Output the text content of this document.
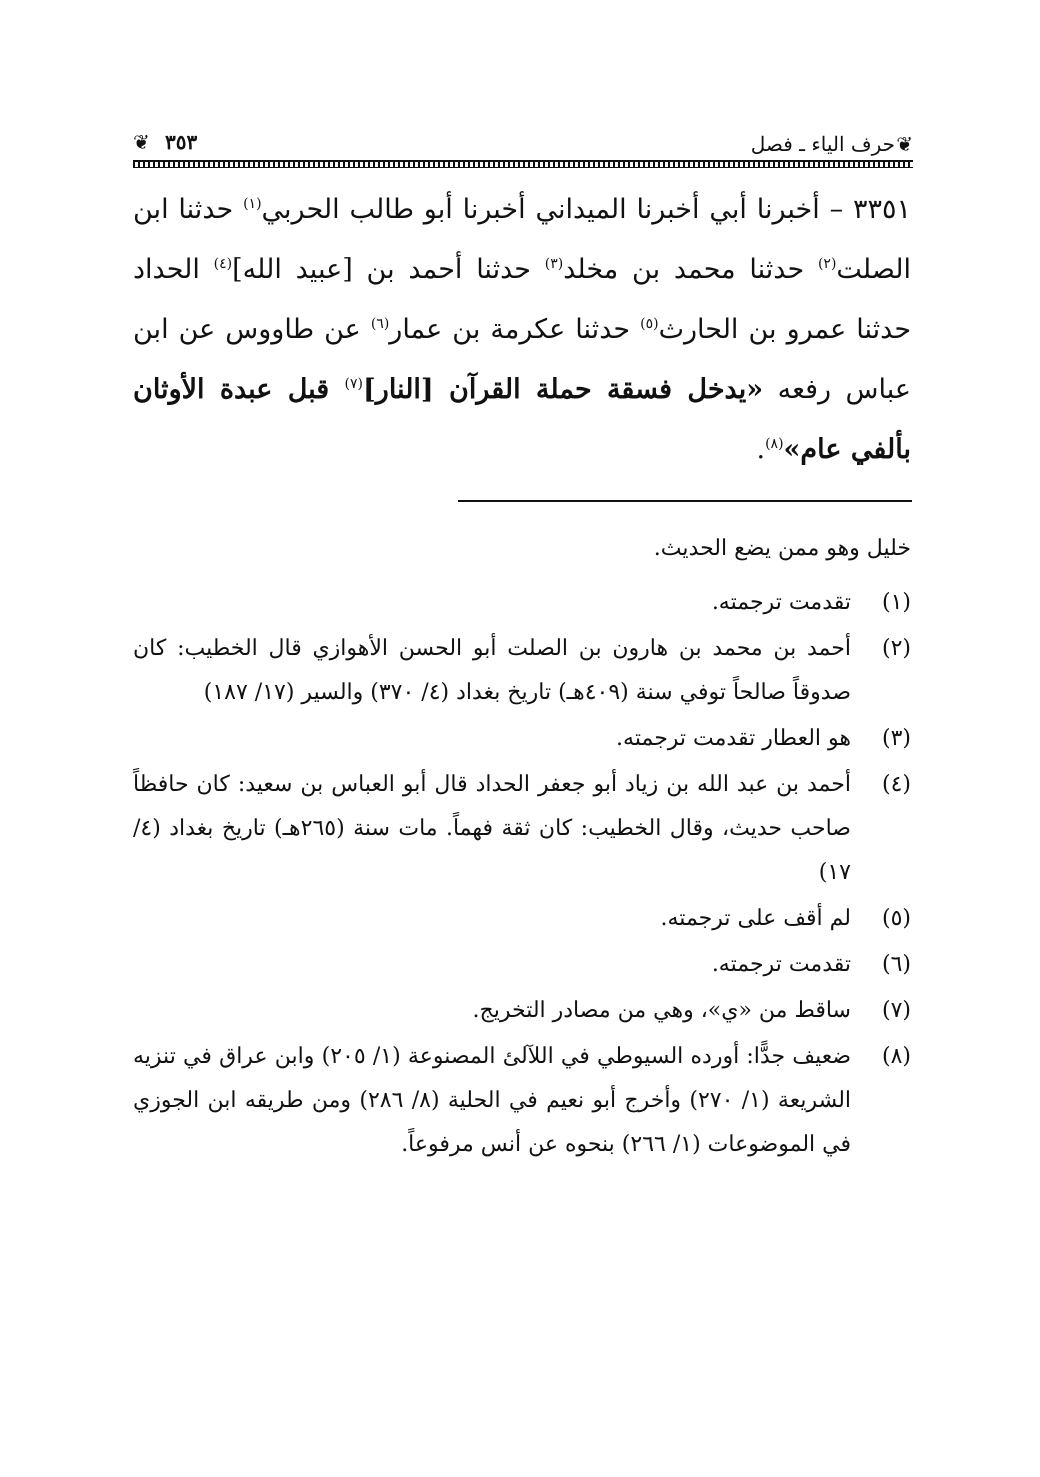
❦
حرف الياء ـ فصل
٣٥٣
❦

٣٣٥١ – أخبرنا أبي أخبرنا الميداني أخبرنا أبو طالب الحربي$^{(١)}$ حدثنا ابن الصلت$^{(٢)}$ حدثنا محمد بن مخلد$^{(٣)}$ حدثنا أحمد بن [عبيد الله]$^{(٤)}$ الحداد حدثنا عمرو بن الحارث$^{(٥)}$ حدثنا عكرمة بن عمار$^{(٦)}$ عن طاووس عن ابن عباس رفعه «يدخل فسقة حملة القرآن [النار]$^{(٧)}$ قبل عبدة الأوثان بألفي عام»$^{(٨)}$.

خليل وهو ممن يضع الحديث.

(١)
تقدمت ترجمته.
(٢)
أحمد بن محمد بن هارون بن الصلت أبو الحسن الأهوازي قال الخطيب: كان صدوقاً صالحاً توفي سنة (٤٠٩هـ) تاريخ بغداد (٤/ ٣٧٠) والسير (١٧/ ١٨٧)
(٣)
هو العطار تقدمت ترجمته.
(٤)
أحمد بن عبد الله بن زياد أبو جعفر الحداد قال أبو العباس بن سعيد: كان حافظاً صاحب حديث، وقال الخطيب: كان ثقة فهماً. مات سنة (٢٦٥هـ) تاريخ بغداد (٤/ ١٧)
(٥)
لم أقف على ترجمته.
(٦)
تقدمت ترجمته.
(٧)
ساقط من «ي»، وهي من مصادر التخريج.
(٨)
ضعيف جدًّا: أورده السيوطي في اللآلئ المصنوعة (١/ ٢٠٥) وابن عراق في تنزيه الشريعة (١/ ٢٧٠) وأخرج أبو نعيم في الحلية (٨/ ٢٨٦) ومن طريقه ابن الجوزي في الموضوعات (١/ ٢٦٦) بنحوه عن أنس مرفوعاً.
